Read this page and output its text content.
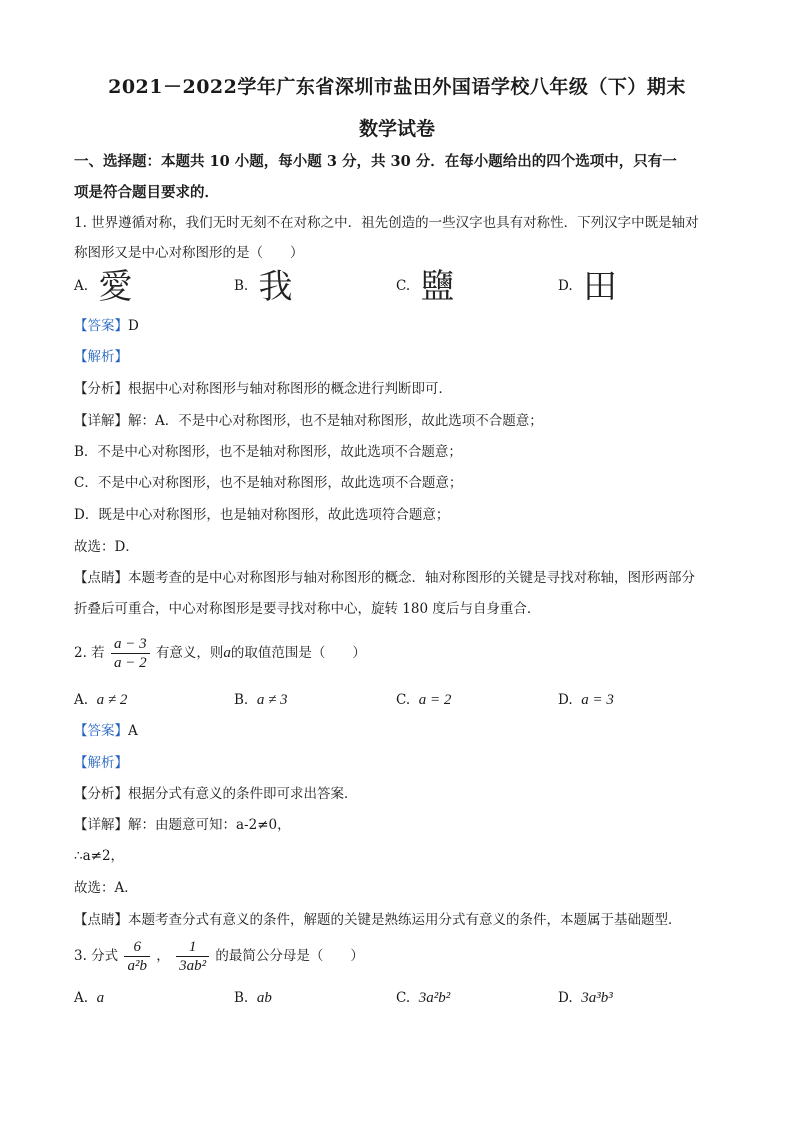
2021－2022学年广东省深圳市盐田外国语学校八年级（下）期末
数学试卷
一、选择题：本题共 10 小题，每小题 3 分，共 30 分．在每小题给出的四个选项中，只有一
项是符合题目要求的．
1. 世界遵循对称，我们无时无刻不在对称之中．祖先创造的一些汉字也具有对称性．下列汉字中既是轴对
称图形又是中心对称图形的是（　　）
A. 愛	B. 我	C. 鹽	D. 田
【答案】D
【解析】
【分析】根据中心对称图形与轴对称图形的概念进行判断即可．
【详解】解：A．不是中心对称图形，也不是轴对称图形，故此选项不合题意；
B．不是中心对称图形，也不是轴对称图形，故此选项不合题意；
C．不是中心对称图形，也不是轴对称图形，故此选项不合题意；
D．既是中心对称图形，也是轴对称图形，故此选项符合题意；
故选：D．
【点睛】本题考查的是中心对称图形与轴对称图形的概念．轴对称图形的关键是寻找对称轴，图形两部分
折叠后可重合，中心对称图形是要寻找对称中心，旋转 180 度后与自身重合．
2. 若 $\frac{a - 3}{a - 2}$ 有意义，则a的取值范围是（　　）
A. a ≠ 2	B. a ≠ 3	C. a = 2	D. a = 3
【答案】A
【解析】
【分析】根据分式有意义的条件即可求出答案．
【详解】解：由题意可知：a-2≠0，
∴a≠2，
故选：A．
【点睛】本题考查分式有意义的条件，解题的关键是熟练运用分式有意义的条件，本题属于基础题型．
3. 分式 $\frac{6}{\text{a²b}}$ ， $\frac{1}{\text{3ab²}}$ 的最简公分母是（　　）
A. a	B. ab	C. 3a²b²	D. 3a³b³
